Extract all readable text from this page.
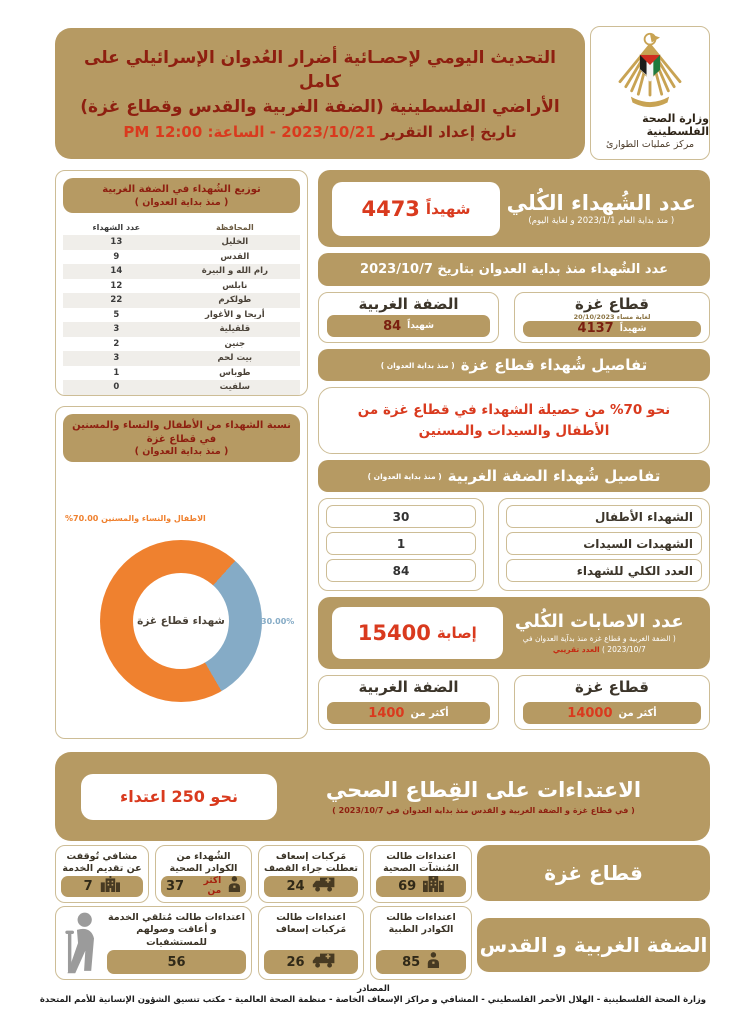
التحديث اليومي لإحصـائية أضرار العُدوان الإسرائيلي على كامل
الأراضي الفلسطينية (الضفة الغربية والقدس وقطاع غزة)
تاريخ إعداد التقرير 2023/10/21 - الساعة: 12:00 PM
وزارة الصحة الفلسطينية
مركز عمليات الطوارئ
توزيع الشُهداء في الضفة الغربية
( منذ بداية العدوان )
المحافظة
عدد الشهداء
الخليل
13
القدس
9
رام الله و البيرة
14
نابلس
12
طولكرم
22
أريحا و الأغوار
5
قلقيلية
3
جنين
2
بيت لحم
3
طوباس
1
سلفيت
0
نسبة الشهداء من الأطفال والنساء والمسنين في قطاع غزة
( منذ بداية العدوان )
الاطفال والنساء والمسنين 70.00%
شهداء قطاع غزة	30.00%
عدد الشُهداء الكُلي
( منذ بداية العام 2023/1/1 و لغاية اليوم)
4473 شهيداً
عدد الشُهداء منذ بداية العدوان بتاريخ 2023/10/7
قطاع غزة
لغاية مساء 20/10/2023
4137 شهيداً
الضفة الغربية
84 شهيداً
تفاصيل شُهداء قطاع غزة
( منذ بداية العدوان )
نحو 70% من حصيلة الشهداء في قطاع غزة من الأطفال والسيدات والمسنين
تفاصيل شُهداء الضفة الغربية
( منذ بداية العدوان )
الشهداء الأطفال
الشهيدات السيدات
العدد الكلي للشهداء
30
1
84
عدد الاصابات الكُلي
( الضفة الغربية و قطاع غزة منذ بدآية العدوان في 2023/10/7 ) العدد تقريبي
15400 إصابة
قطاع غزة
أكثر من
14000
الضفة الغربية
أكثر من
1400
الاعتداءات على القِطاع الصحي
( في قطاع غزة و الضفة الغربية و القدس منذ بداية العدوان في 2023/10/7 )
نحو 250 اعتداء
قطاع غزة
اعتداءات طالت المُنشآت الصحية
69
مَركبات إسعاف تعطلت جراء القصف
24
الشُهداء من الكوادر الصحية
اكثر من
37
مشافي تُوقفت عن تقديم الخدمة
7
الضفة الغربية و القدس
اعتداءات طالت الكوادر الطبية
85
اعتداءات طالت مَركبات إسعاف
26
اعتداءات طالت مُتلقي الخدمة و أعاقت وصولهم للمستشفيات
56
المصادر
وزارة الصحة الفلسطينية - الهلال الأحمر الفلسطيني - المشافي و مراكز الإسعاف الخاصة - منظمة الصحة العالمية - مكتب تنسيق الشؤون الإنسانية للأمم المتحدة
